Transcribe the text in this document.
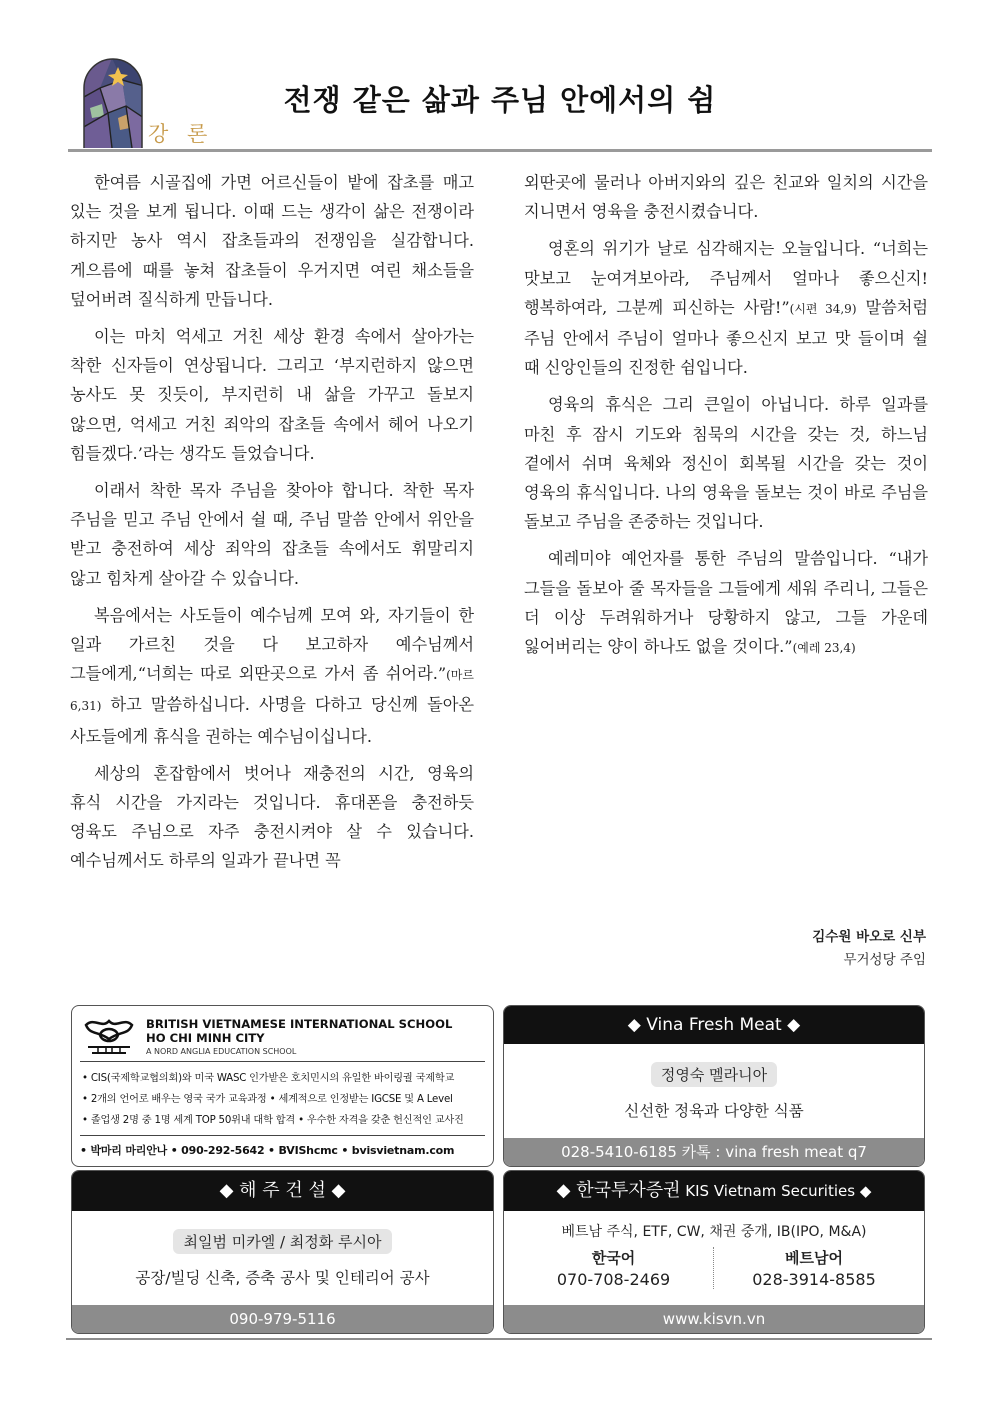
강 론
전쟁 같은 삶과 주님 안에서의 쉼

한여름 시골집에 가면 어르신들이 밭에 잡초를 매고 있는 것을 보게 됩니다. 이때 드는 생각이 삶은 전쟁이라 하지만 농사 역시 잡초들과의 전쟁임을 실감합니다. 게으름에 때를 놓쳐 잡초들이 우거지면 여린 채소들을 덮어버려 질식하게 만듭니다.

이는 마치 억세고 거친 세상 환경 속에서 살아가는 착한 신자들이 연상됩니다. 그리고 ‘부지런하지 않으면 농사도 못 짓듯이, 부지런히 내 삶을 가꾸고 돌보지 않으면, 억세고 거친 죄악의 잡초들 속에서 헤어 나오기 힘들겠다.’라는 생각도 들었습니다.

이래서 착한 목자 주님을 찾아야 합니다. 착한 목자 주님을 믿고 주님 안에서 쉴 때, 주님 말씀 안에서 위안을 받고 충전하여 세상 죄악의 잡초들 속에서도 휘말리지 않고 힘차게 살아갈 수 있습니다.

복음에서는 사도들이 예수님께 모여 와, 자기들이 한 일과 가르친 것을 다 보고하자 예수님께서 그들에게,“너희는 따로 외딴곳으로 가서 좀 쉬어라.”(마르 6,31) 하고 말씀하십니다. 사명을 다하고 당신께 돌아온 사도들에게 휴식을 권하는 예수님이십니다.

세상의 혼잡함에서 벗어나 재충전의 시간, 영육의 휴식 시간을 가지라는 것입니다. 휴대폰을 충전하듯 영육도 주님으로 자주 충전시켜야 살 수 있습니다. 예수님께서도 하루의 일과가 끝나면 꼭

외딴곳에 물러나 아버지와의 깊은 친교와 일치의 시간을 지니면서 영육을 충전시켰습니다.

영혼의 위기가 날로 심각해지는 오늘입니다. “너희는 맛보고 눈여겨보아라, 주님께서 얼마나 좋으신지! 행복하여라, 그분께 피신하는 사람!”(시편 34,9) 말씀처럼 주님 안에서 주님이 얼마나 좋으신지 보고 맛 들이며 쉴 때 신앙인들의 진정한 쉼입니다.

영육의 휴식은 그리 큰일이 아닙니다. 하루 일과를 마친 후 잠시 기도와 침묵의 시간을 갖는 것, 하느님 곁에서 쉬며 육체와 정신이 회복될 시간을 갖는 것이 영육의 휴식입니다. 나의 영육을 돌보는 것이 바로 주님을 돌보고 주님을 존중하는 것입니다.

예레미야 예언자를 통한 주님의 말씀입니다. “내가 그들을 돌보아 줄 목자들을 그들에게 세워 주리니, 그들은 더 이상 두려워하거나 당황하지 않고, 그들 가운데 잃어버리는 양이 하나도 없을 것이다.”(예레 23,4)

김수원 바오로 신부
무거성당 주임
BRITISH VIETNAMESE INTERNATIONAL SCHOOL
HO CHI MINH CITY
A NORD ANGLIA EDUCATION SCHOOL
• CIS(국제학교협의회)와 미국 WASC 인가받은 호치민시의 유일한 바이링궐 국제학교
• 2개의 언어로 배우는 영국 국가 교육과정 • 세계적으로 인정받는 IGCSE 및 A Level
• 졸업생 2명 중 1명 세계 TOP 50위내 대학 합격 • 우수한 자격을 갖춘 헌신적인 교사진
• 박마리 마리안나 • 090-292-5642 • BVIShcmc • bvisvietnam.com
◆ Vina Fresh Meat ◆
정영숙 멜라니아
신선한 정육과 다양한 식품
028-5410-6185 카톡 : vina fresh meat q7
◆ 해 주 건 설 ◆
최일범 미카엘 / 최정화 루시아
공장/빌딩 신축, 증축 공사 및 인테리어 공사
090-979-5116
◆ 한국투자증권 KIS Vietnam Securities ◆
베트남 주식, ETF, CW, 채권 중개, IB(IPO, M&A)
한국어
070-708-2469
베트남어
028-3914-8585
www.kisvn.vn
